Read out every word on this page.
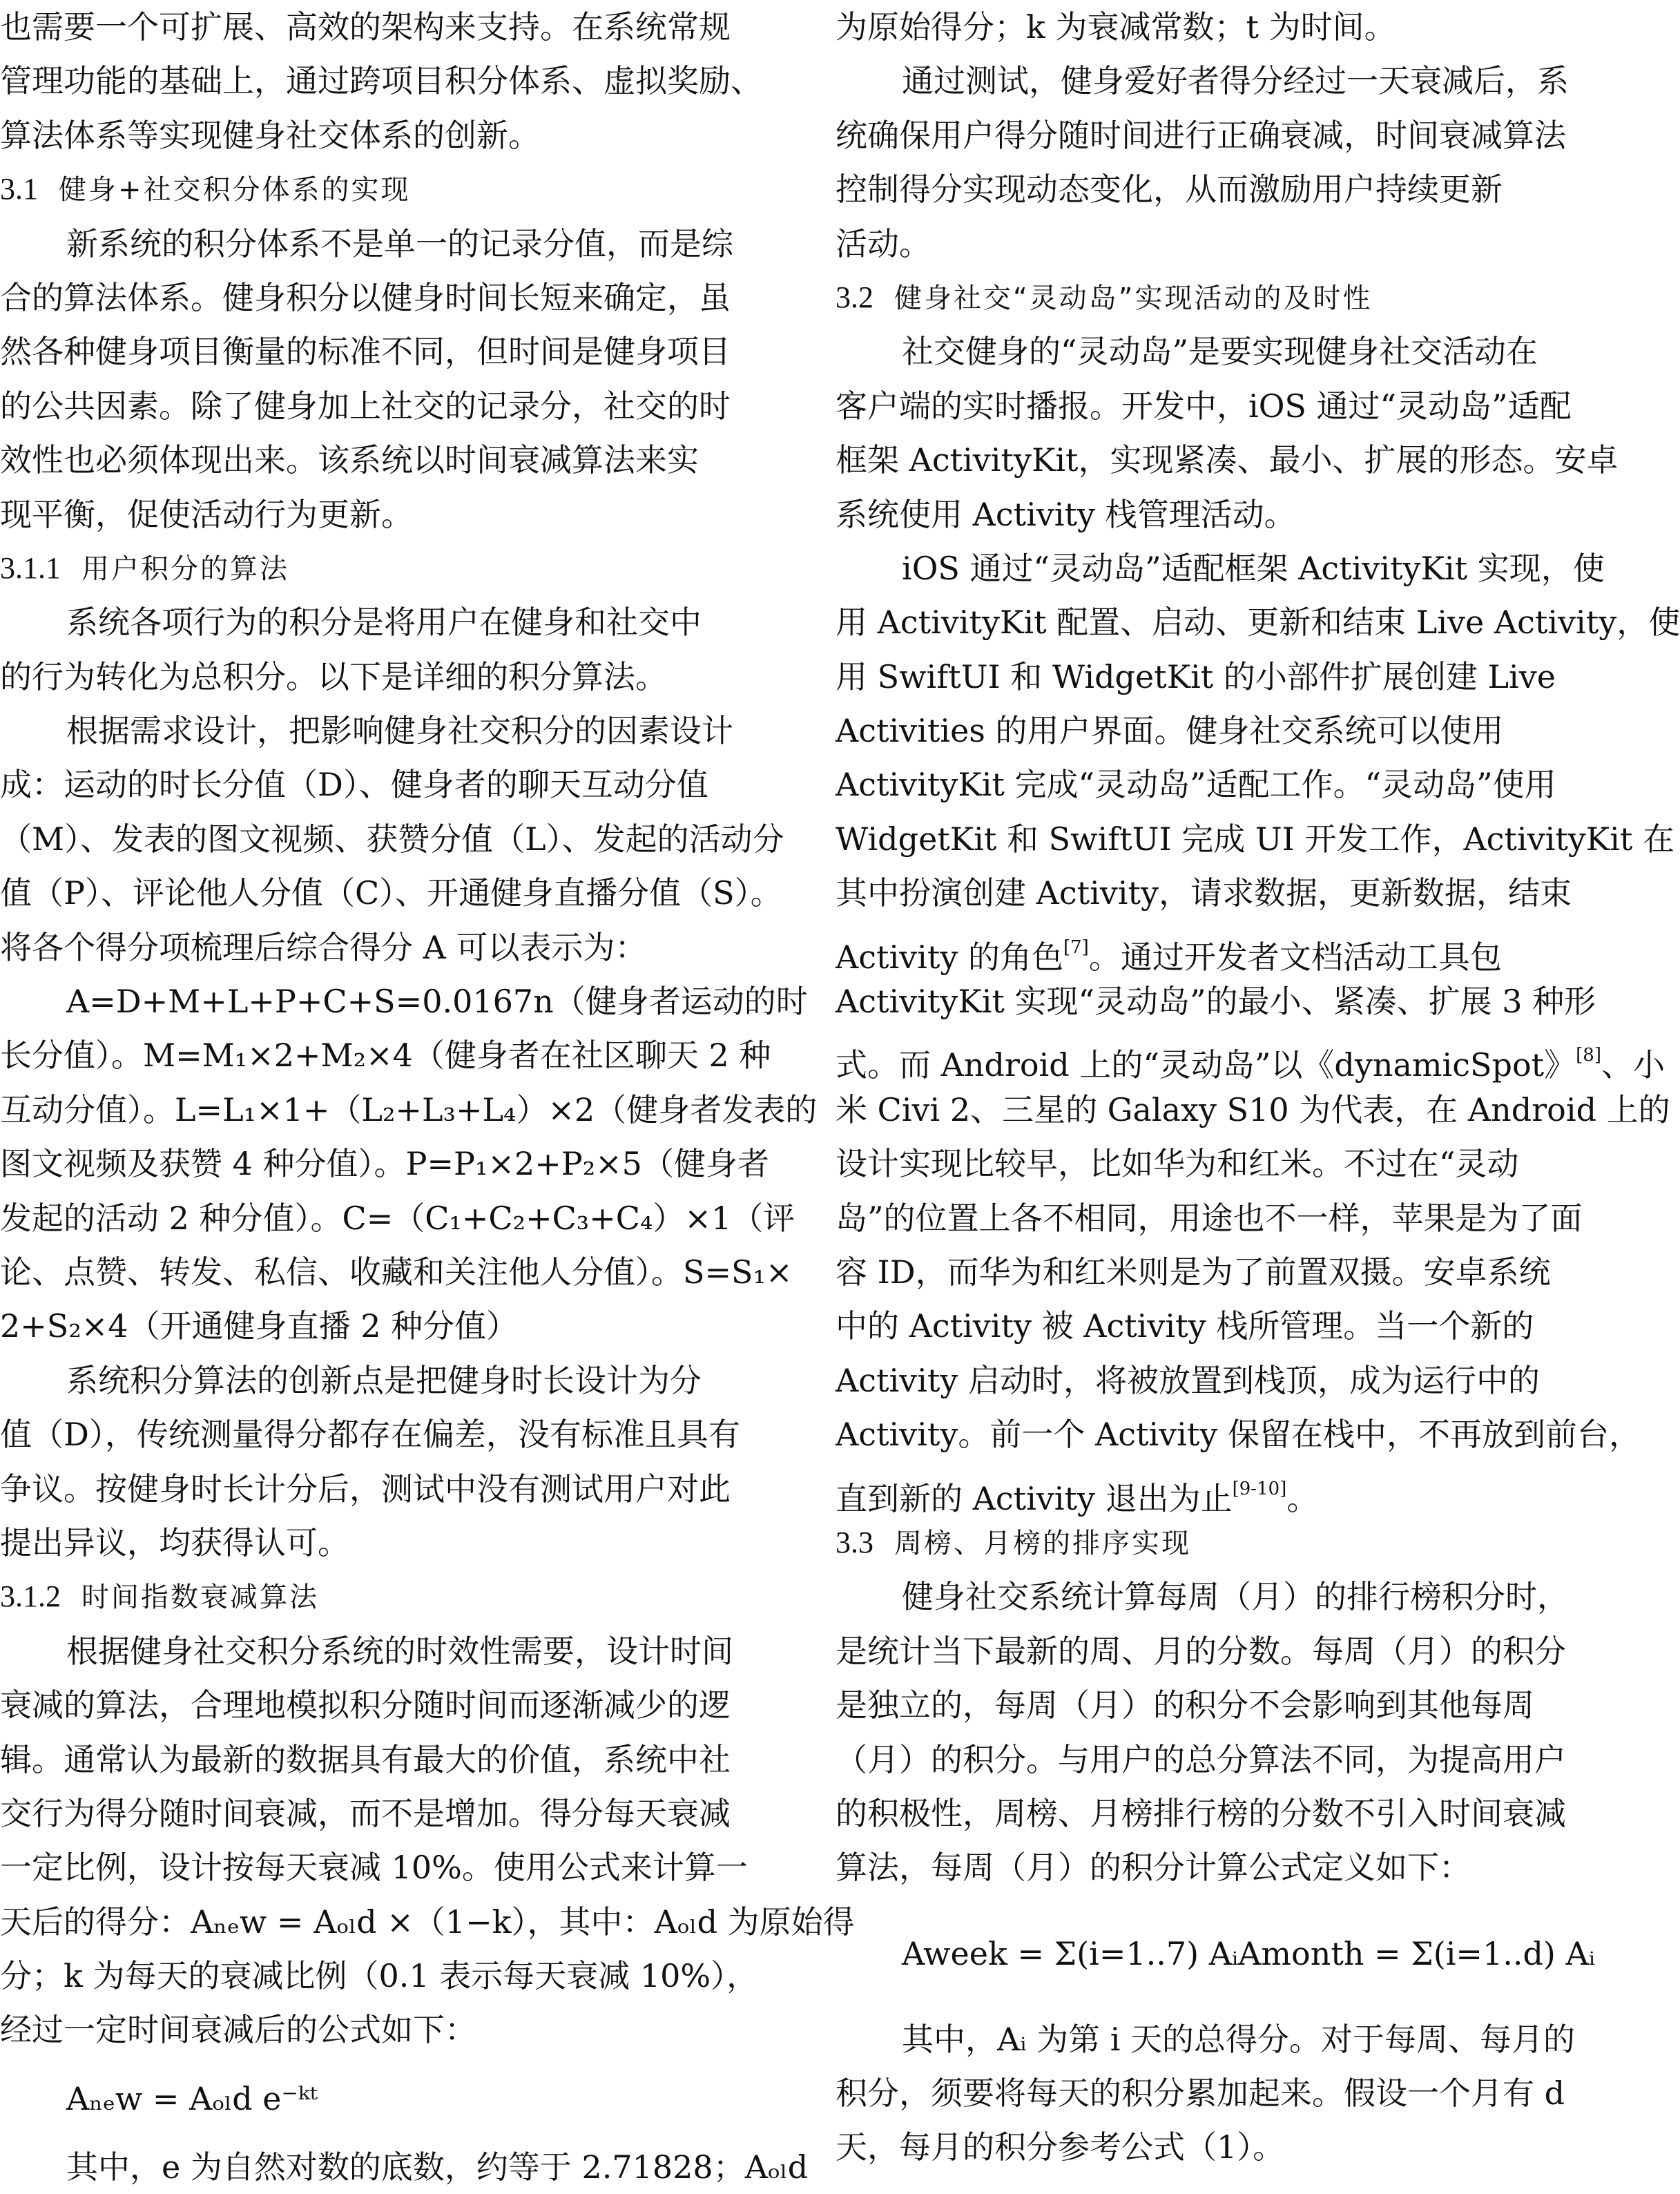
也需要一个可扩展、高效的架构来支持。在系统常规
管理功能的基础上，通过跨项目积分体系、虚拟奖励、
算法体系等实现健身社交体系的创新。
3.1 健身+社交积分体系的实现
新系统的积分体系不是单一的记录分值，而是综
合的算法体系。健身积分以健身时间长短来确定，虽
然各种健身项目衡量的标准不同，但时间是健身项目
的公共因素。除了健身加上社交的记录分，社交的时
效性也必须体现出来。该系统以时间衰减算法来实
现平衡，促使活动行为更新。
3.1.1 用户积分的算法
系统各项行为的积分是将用户在健身和社交中
的行为转化为总积分。以下是详细的积分算法。
根据需求设计，把影响健身社交积分的因素设计
成：运动的时长分值（D）、健身者的聊天互动分值
（M）、发表的图文视频、获赞分值（L）、发起的活动分
值（P）、评论他人分值（C）、开通健身直播分值（S）。
将各个得分项梳理后综合得分 A 可以表示为：
A=D+M+L+P+C+S=0.0167n（健身者运动的时
长分值）。M=M₁×2+M₂×4（健身者在社区聊天 2 种
互动分值）。L=L₁×1+（L₂+L₃+L₄）×2（健身者发表的
图文视频及获赞 4 种分值）。P=P₁×2+P₂×5（健身者
发起的活动 2 种分值）。C=（C₁+C₂+C₃+C₄）×1（评
论、点赞、转发、私信、收藏和关注他人分值）。S=S₁×
2+S₂×4（开通健身直播 2 种分值）
系统积分算法的创新点是把健身时长设计为分
值（D），传统测量得分都存在偏差，没有标准且具有
争议。按健身时长计分后，测试中没有测试用户对此
提出异议，均获得认可。
3.1.2 时间指数衰减算法
根据健身社交积分系统的时效性需要，设计时间
衰减的算法，合理地模拟积分随时间而逐渐减少的逻
辑。通常认为最新的数据具有最大的价值，系统中社
交行为得分随时间衰减，而不是增加。得分每天衰减
一定比例，设计按每天衰减 10%。使用公式来计算一
天后的得分：Aₙₑw = Aₒₗd ×（1−k），其中：Aₒₗd 为原始得
分；k 为每天的衰减比例（0.1 表示每天衰减 10%），
经过一定时间衰减后的公式如下：
Aₙₑw = Aₒₗd e⁻ᵏᵗ
其中，e 为自然对数的底数，约等于 2.71828；Aₒₗd
为原始得分；k 为衰减常数；t 为时间。
通过测试，健身爱好者得分经过一天衰减后，系
统确保用户得分随时间进行正确衰减，时间衰减算法
控制得分实现动态变化，从而激励用户持续更新
活动。
3.2 健身社交“灵动岛”实现活动的及时性
社交健身的“灵动岛”是要实现健身社交活动在
客户端的实时播报。开发中，iOS 通过“灵动岛”适配
框架 ActivityKit，实现紧凑、最小、扩展的形态。安卓
系统使用 Activity 栈管理活动。
iOS 通过“灵动岛”适配框架 ActivityKit 实现，使
用 ActivityKit 配置、启动、更新和结束 Live Activity，使
用 SwiftUI 和 WidgetKit 的小部件扩展创建 Live
Activities 的用户界面。健身社交系统可以使用
ActivityKit 完成“灵动岛”适配工作。“灵动岛”使用
WidgetKit 和 SwiftUI 完成 UI 开发工作，ActivityKit 在
其中扮演创建 Activity，请求数据，更新数据，结束
Activity 的角色[7]。通过开发者文档活动工具包
ActivityKit 实现“灵动岛”的最小、紧凑、扩展 3 种形
式。而 Android 上的“灵动岛”以《dynamicSpot》[8]、小
米 Civi 2、三星的 Galaxy S10 为代表，在 Android 上的
设计实现比较早，比如华为和红米。不过在“灵动
岛”的位置上各不相同，用途也不一样，苹果是为了面
容 ID，而华为和红米则是为了前置双摄。安卓系统
中的 Activity 被 Activity 栈所管理。当一个新的
Activity 启动时，将被放置到栈顶，成为运行中的
Activity。前一个 Activity 保留在栈中，不再放到前台，
直到新的 Activity 退出为止[9-10]。
3.3 周榜、月榜的排序实现
健身社交系统计算每周（月）的排行榜积分时，
是统计当下最新的周、月的分数。每周（月）的积分
是独立的，每周（月）的积分不会影响到其他每周
（月）的积分。与用户的总分算法不同，为提高用户
的积极性，周榜、月榜排行榜的分数不引入时间衰减
算法，每周（月）的积分计算公式定义如下：
Aweek = Σ(i=1..7) AᵢAmonth = Σ(i=1..d) Aᵢ
其中，Aᵢ 为第 i 天的总得分。对于每周、每月的
积分，须要将每天的积分累加起来。假设一个月有 d
天，每月的积分参考公式（1）。
